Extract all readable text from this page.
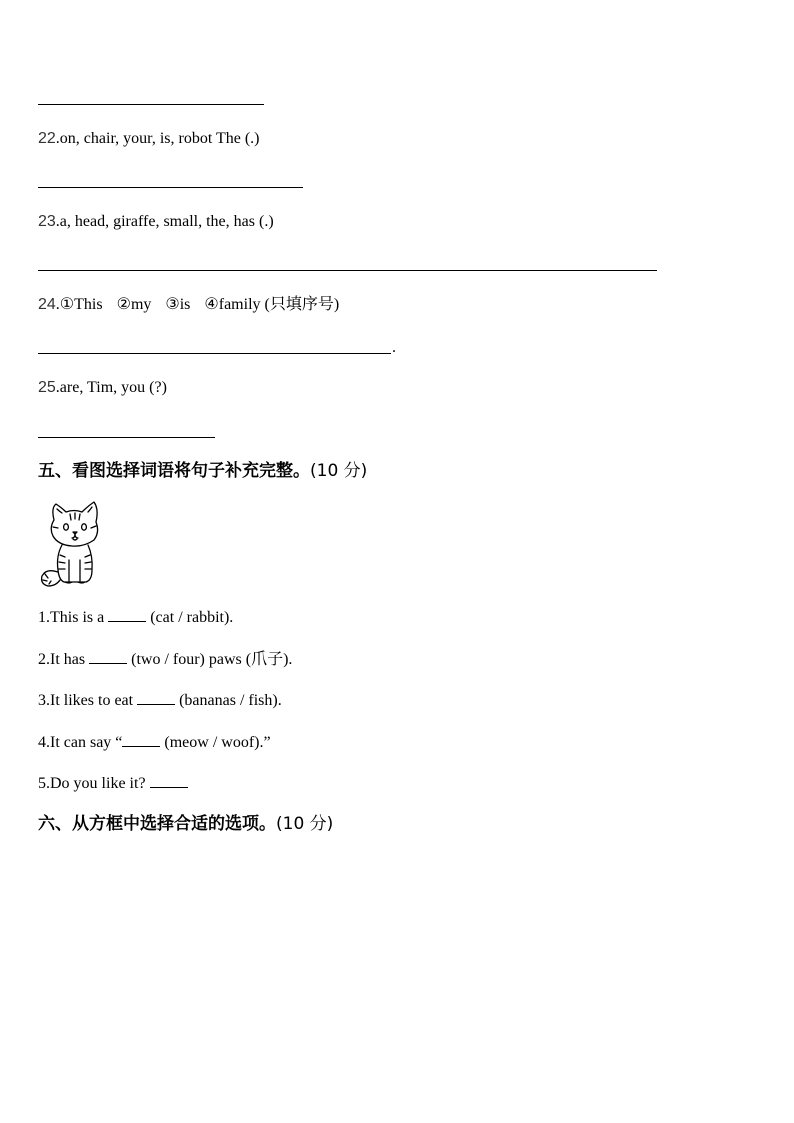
22.on, chair, your, is, robot The (.)
23.a, head, giraffe, small, the, has (.)
24.①This ②my ③is ④family (只填序号)
.
25.are, Tim, you (?)
五、看图选择词语将句子补充完整。(10 分)
1.This is a  (cat / rabbit).
2.It has  (two / four) paws (爪子).
3.It likes to eat  (bananas / fish).
4.It can say “ (meow / woof).”
5.Do you like it?
六、从方框中选择合适的选项。(10 分)
